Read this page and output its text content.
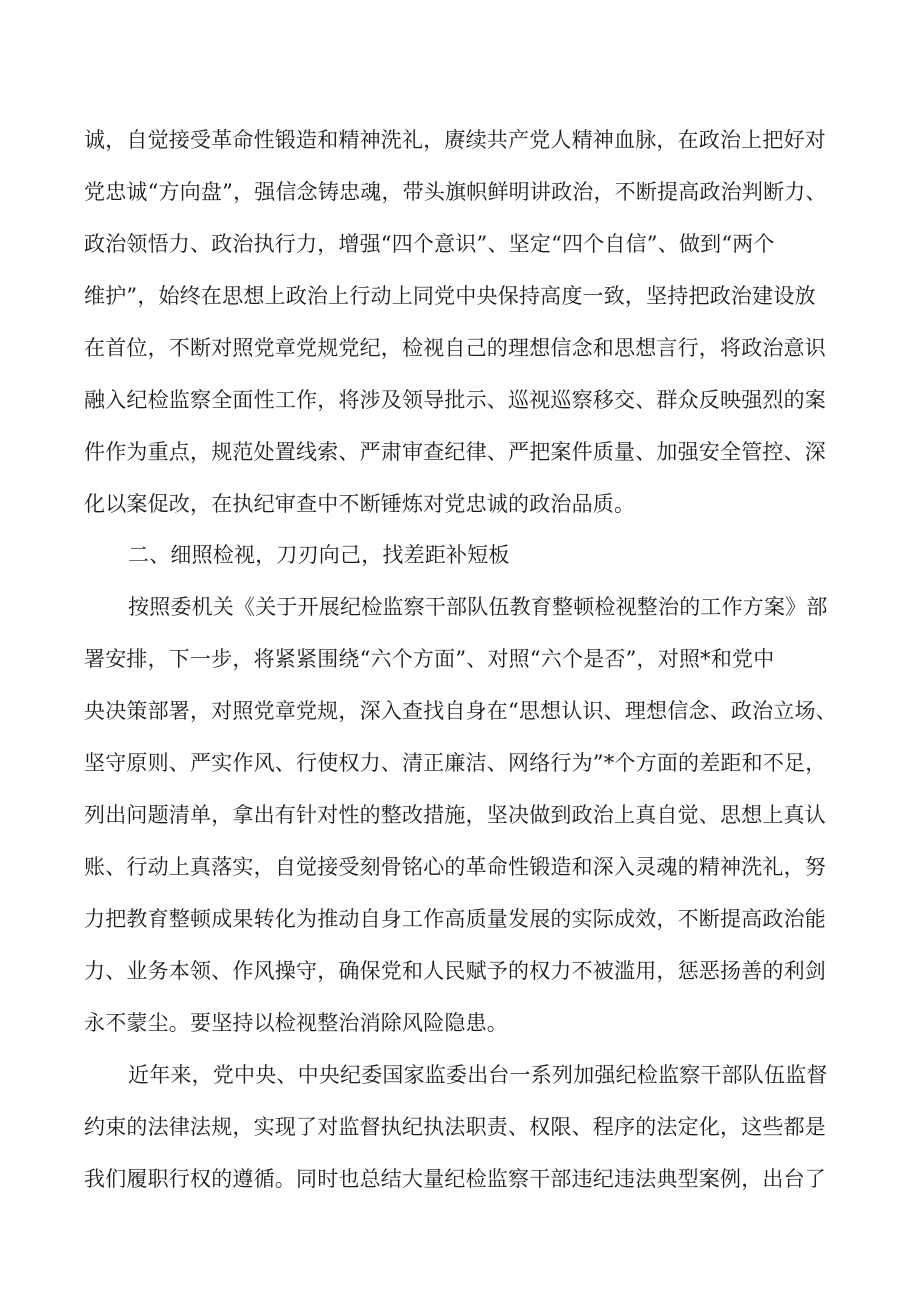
诚，自觉接受革命性锻造和精神洗礼，赓续共产党人精神血脉，在政治上把好对
党忠诚“方向盘”，强信念铸忠魂，带头旗帜鲜明讲政治，不断提高政治判断力、
政治领悟力、政治执行力，增强“四个意识”、坚定“四个自信”、做到“两个
维护”，始终在思想上政治上行动上同党中央保持高度一致，坚持把政治建设放
在首位，不断对照党章党规党纪，检视自己的理想信念和思想言行，将政治意识
融入纪检监察全面性工作，将涉及领导批示、巡视巡察移交、群众反映强烈的案
件作为重点，规范处置线索、严肃审查纪律、严把案件质量、加强安全管控、深
化以案促改，在执纪审查中不断锤炼对党忠诚的政治品质。
二、细照检视，刀刃向己，找差距补短板
按照委机关《关于开展纪检监察干部队伍教育整顿检视整治的工作方案》部
署安排，下一步，将紧紧围绕“六个方面”、对照“六个是否”，对照*和党中
央决策部署，对照党章党规，深入查找自身在“思想认识、理想信念、政治立场、
坚守原则、严实作风、行使权力、清正廉洁、网络行为”*个方面的差距和不足，
列出问题清单，拿出有针对性的整改措施，坚决做到政治上真自觉、思想上真认
账、行动上真落实，自觉接受刻骨铭心的革命性锻造和深入灵魂的精神洗礼，努
力把教育整顿成果转化为推动自身工作高质量发展的实际成效，不断提高政治能
力、业务本领、作风操守，确保党和人民赋予的权力不被滥用，惩恶扬善的利剑
永不蒙尘。要坚持以检视整治消除风险隐患。
近年来，党中央、中央纪委国家监委出台一系列加强纪检监察干部队伍监督
约束的法律法规，实现了对监督执纪执法职责、权限、程序的法定化，这些都是
我们履职行权的遵循。同时也总结大量纪检监察干部违纪违法典型案例，出台了
